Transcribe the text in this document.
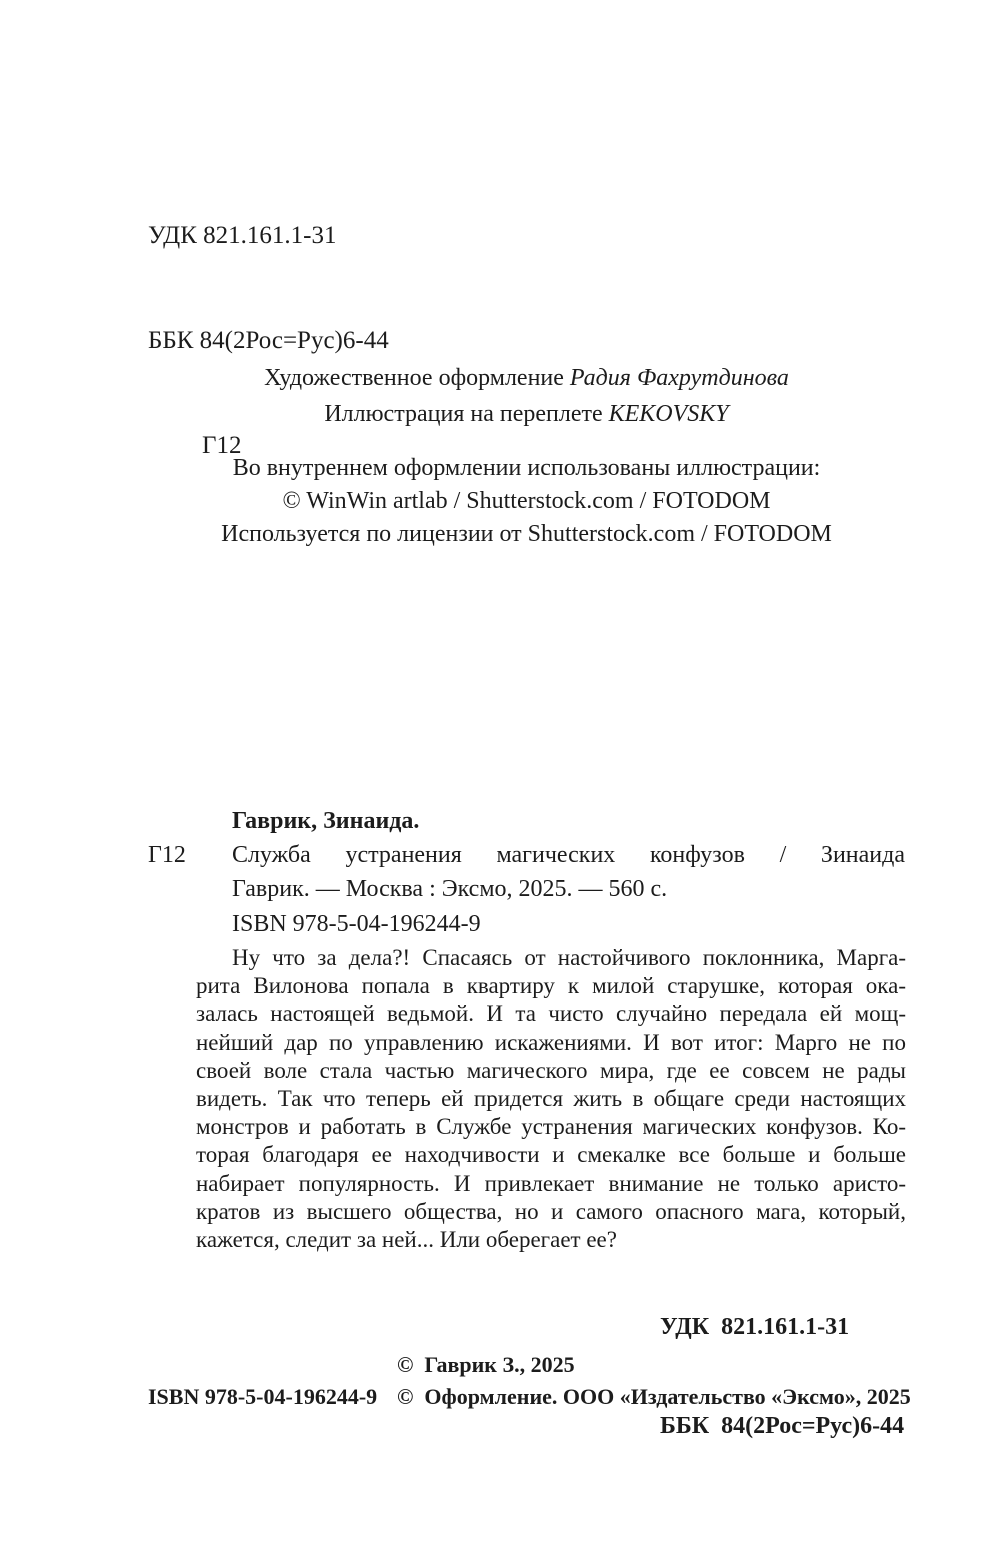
УДК 821.161.1-31

ББК 84(2Рос=Рус)6-44

Г12

Художественное оформление Радия Фахрутдинова
Иллюстрация на переплете KEKOVSKY
Во внутреннем оформлении использованы иллюстрации:
© WinWin artlab / Shutterstock.com / FOTODOM
Используется по лицензии от Shutterstock.com / FOTODOM
Гаврик, Зинаида.
Г12 Служба устранения магических конфузов / Зинаида
Гаврик. — Москва : Эксмо, 2025. — 560 с.
ISBN 978-5-04-196244-9
Ну что за дела?! Спасаясь от настойчивого поклонника, Марга-
рита Вилонова попала в квартиру к милой старушке, которая ока-
залась настоящей ведьмой. И та чисто случайно передала ей мощ-
нейший дар по управлению искажениями. И вот итог: Марго не по
своей воле стала частью магического мира, где ее совсем не рады
видеть. Так что теперь ей придется жить в общаге среди настоящих
монстров и работать в Службе устранения магических конфузов. Ко-
торая благодаря ее находчивости и смекалке все больше и больше
набирает популярность. И привлекает внимание не только аристо-
кратов из высшего общества, но и самого опасного мага, который,
кажется, следит за ней... Или оберегает ее?

УДК  821.161.1-31

ББК  84(2Рос=Рус)6-44

©  Гаврик З., 2025
ISBN 978-5-04-196244-9 ©  Оформление. ООО «Издательство «Эксмо», 2025
